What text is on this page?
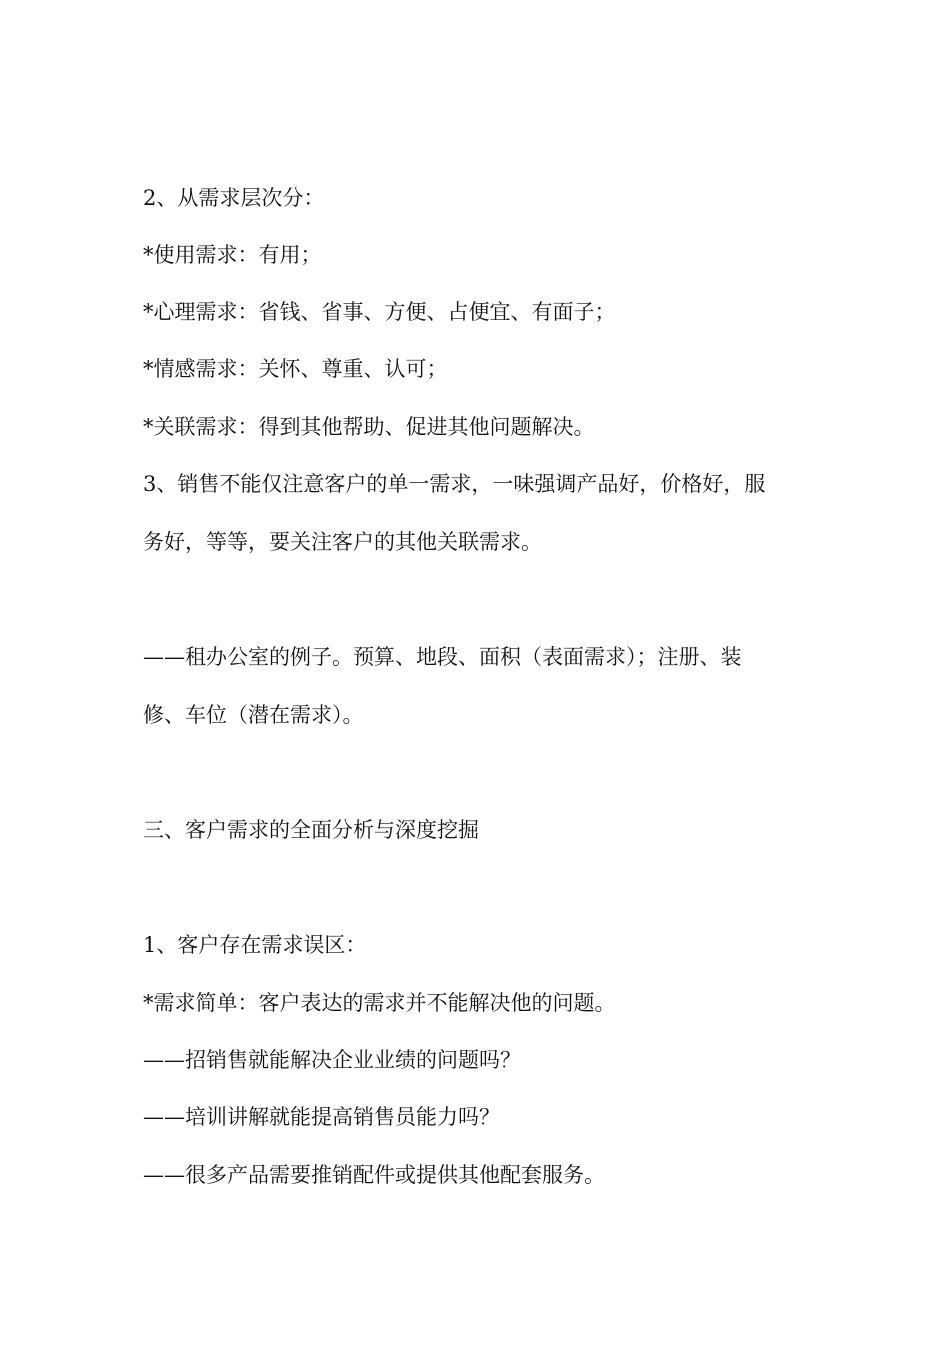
2、从需求层次分：

*使用需求：有用；

*心理需求：省钱、省事、方便、占便宜、有面子；

*情感需求：关怀、尊重、认可；

*关联需求：得到其他帮助、促进其他问题解决。

3、销售不能仅注意客户的单一需求，一味强调产品好，价格好，服

务好，等等，要关注客户的其他关联需求。

——租办公室的例子。预算、地段、面积（表面需求）；注册、装

修、车位（潜在需求）。

三、客户需求的全面分析与深度挖掘

1、客户存在需求误区：

*需求简单：客户表达的需求并不能解决他的问题。

——招销售就能解决企业业绩的问题吗？

——培训讲解就能提高销售员能力吗？

——很多产品需要推销配件或提供其他配套服务。
